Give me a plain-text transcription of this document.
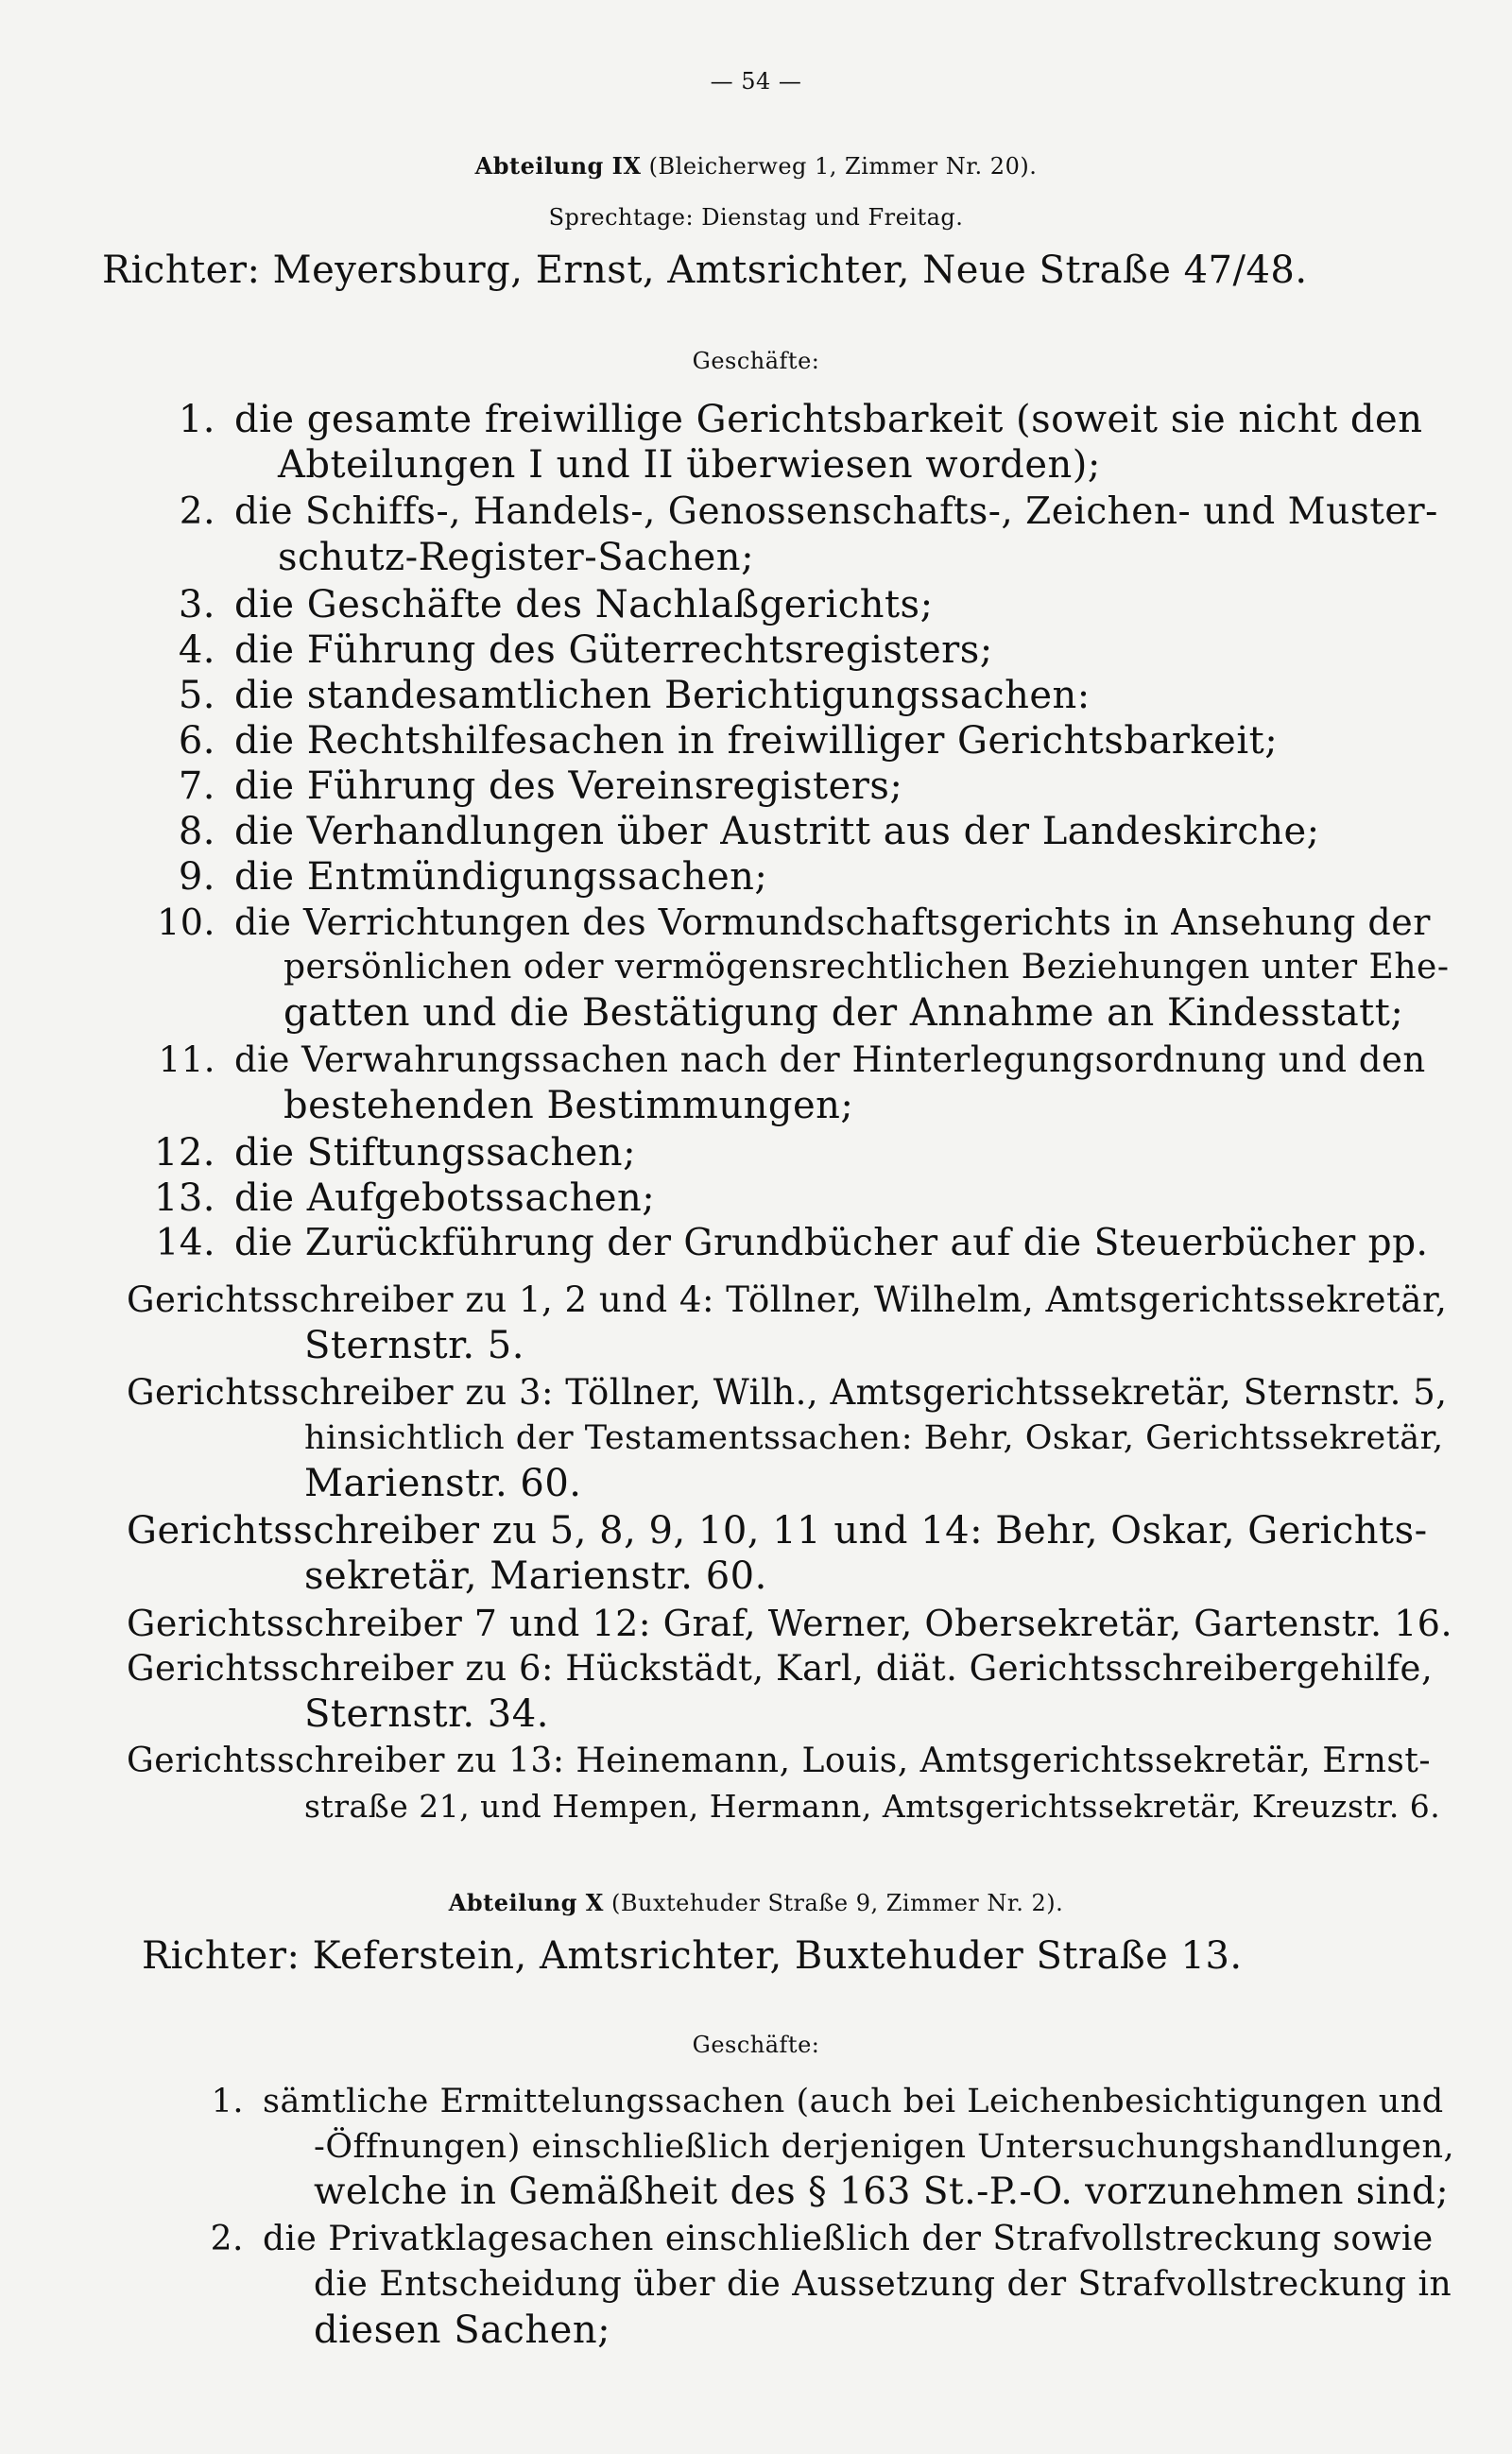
— 54 —
Abteilung IX (Bleicherweg 1, Zimmer Nr. 20).
Sprechtage: Dienstag und Freitag.
Richter: Meyersburg, Ernst, Amtsrichter, Neue Straße 47/48.
Geschäfte:
1. die gesamte freiwillige Gerichtsbarkeit (soweit sie nicht den
Abteilungen I und II überwiesen worden);
2. die Schiffs-, Handels-, Genossenschafts-, Zeichen- und Muster-
schutz-Register-Sachen;
3. die Geschäfte des Nachlaßgerichts;
4. die Führung des Güterrechtsregisters;
5. die standesamtlichen Berichtigungssachen:
6. die Rechtshilfesachen in freiwilliger Gerichtsbarkeit;
7. die Führung des Vereinsregisters;
8. die Verhandlungen über Austritt aus der Landeskirche;
9. die Entmündigungssachen;
10. die Verrichtungen des Vormundschaftsgerichts in Ansehung der
persönlichen oder vermögensrechtlichen Beziehungen unter Ehe-
gatten und die Bestätigung der Annahme an Kindesstatt;
11. die Verwahrungssachen nach der Hinterlegungsordnung und den
bestehenden Bestimmungen;
12. die Stiftungssachen;
13. die Aufgebotssachen;
14. die Zurückführung der Grundbücher auf die Steuerbücher pp.
Gerichtsschreiber zu 1, 2 und 4: Töllner, Wilhelm, Amtsgerichtssekretär,
Sternstr. 5.
Gerichtsschreiber zu 3: Töllner, Wilh., Amtsgerichtssekretär, Sternstr. 5,
hinsichtlich der Testamentssachen: Behr, Oskar, Gerichtssekretär,
Marienstr. 60.
Gerichtsschreiber zu 5, 8, 9, 10, 11 und 14: Behr, Oskar, Gerichts-
sekretär, Marienstr. 60.
Gerichtsschreiber 7 und 12: Graf, Werner, Obersekretär, Gartenstr. 16.
Gerichtsschreiber zu 6: Hückstädt, Karl, diät. Gerichtsschreibergehilfe,
Sternstr. 34.
Gerichtsschreiber zu 13: Heinemann, Louis, Amtsgerichtssekretär, Ernst-
straße 21, und Hempen, Hermann, Amtsgerichtssekretär, Kreuzstr. 6.
Abteilung X (Buxtehuder Straße 9, Zimmer Nr. 2).
Richter: Keferstein, Amtsrichter, Buxtehuder Straße 13.
Geschäfte:
1. sämtliche Ermittelungssachen (auch bei Leichenbesichtigungen und
-Öffnungen) einschließlich derjenigen Untersuchungshandlungen,
welche in Gemäßheit des § 163 St.-P.-O. vorzunehmen sind;
2. die Privatklagesachen einschließlich der Strafvollstreckung sowie
die Entscheidung über die Aussetzung der Strafvollstreckung in
diesen Sachen;
